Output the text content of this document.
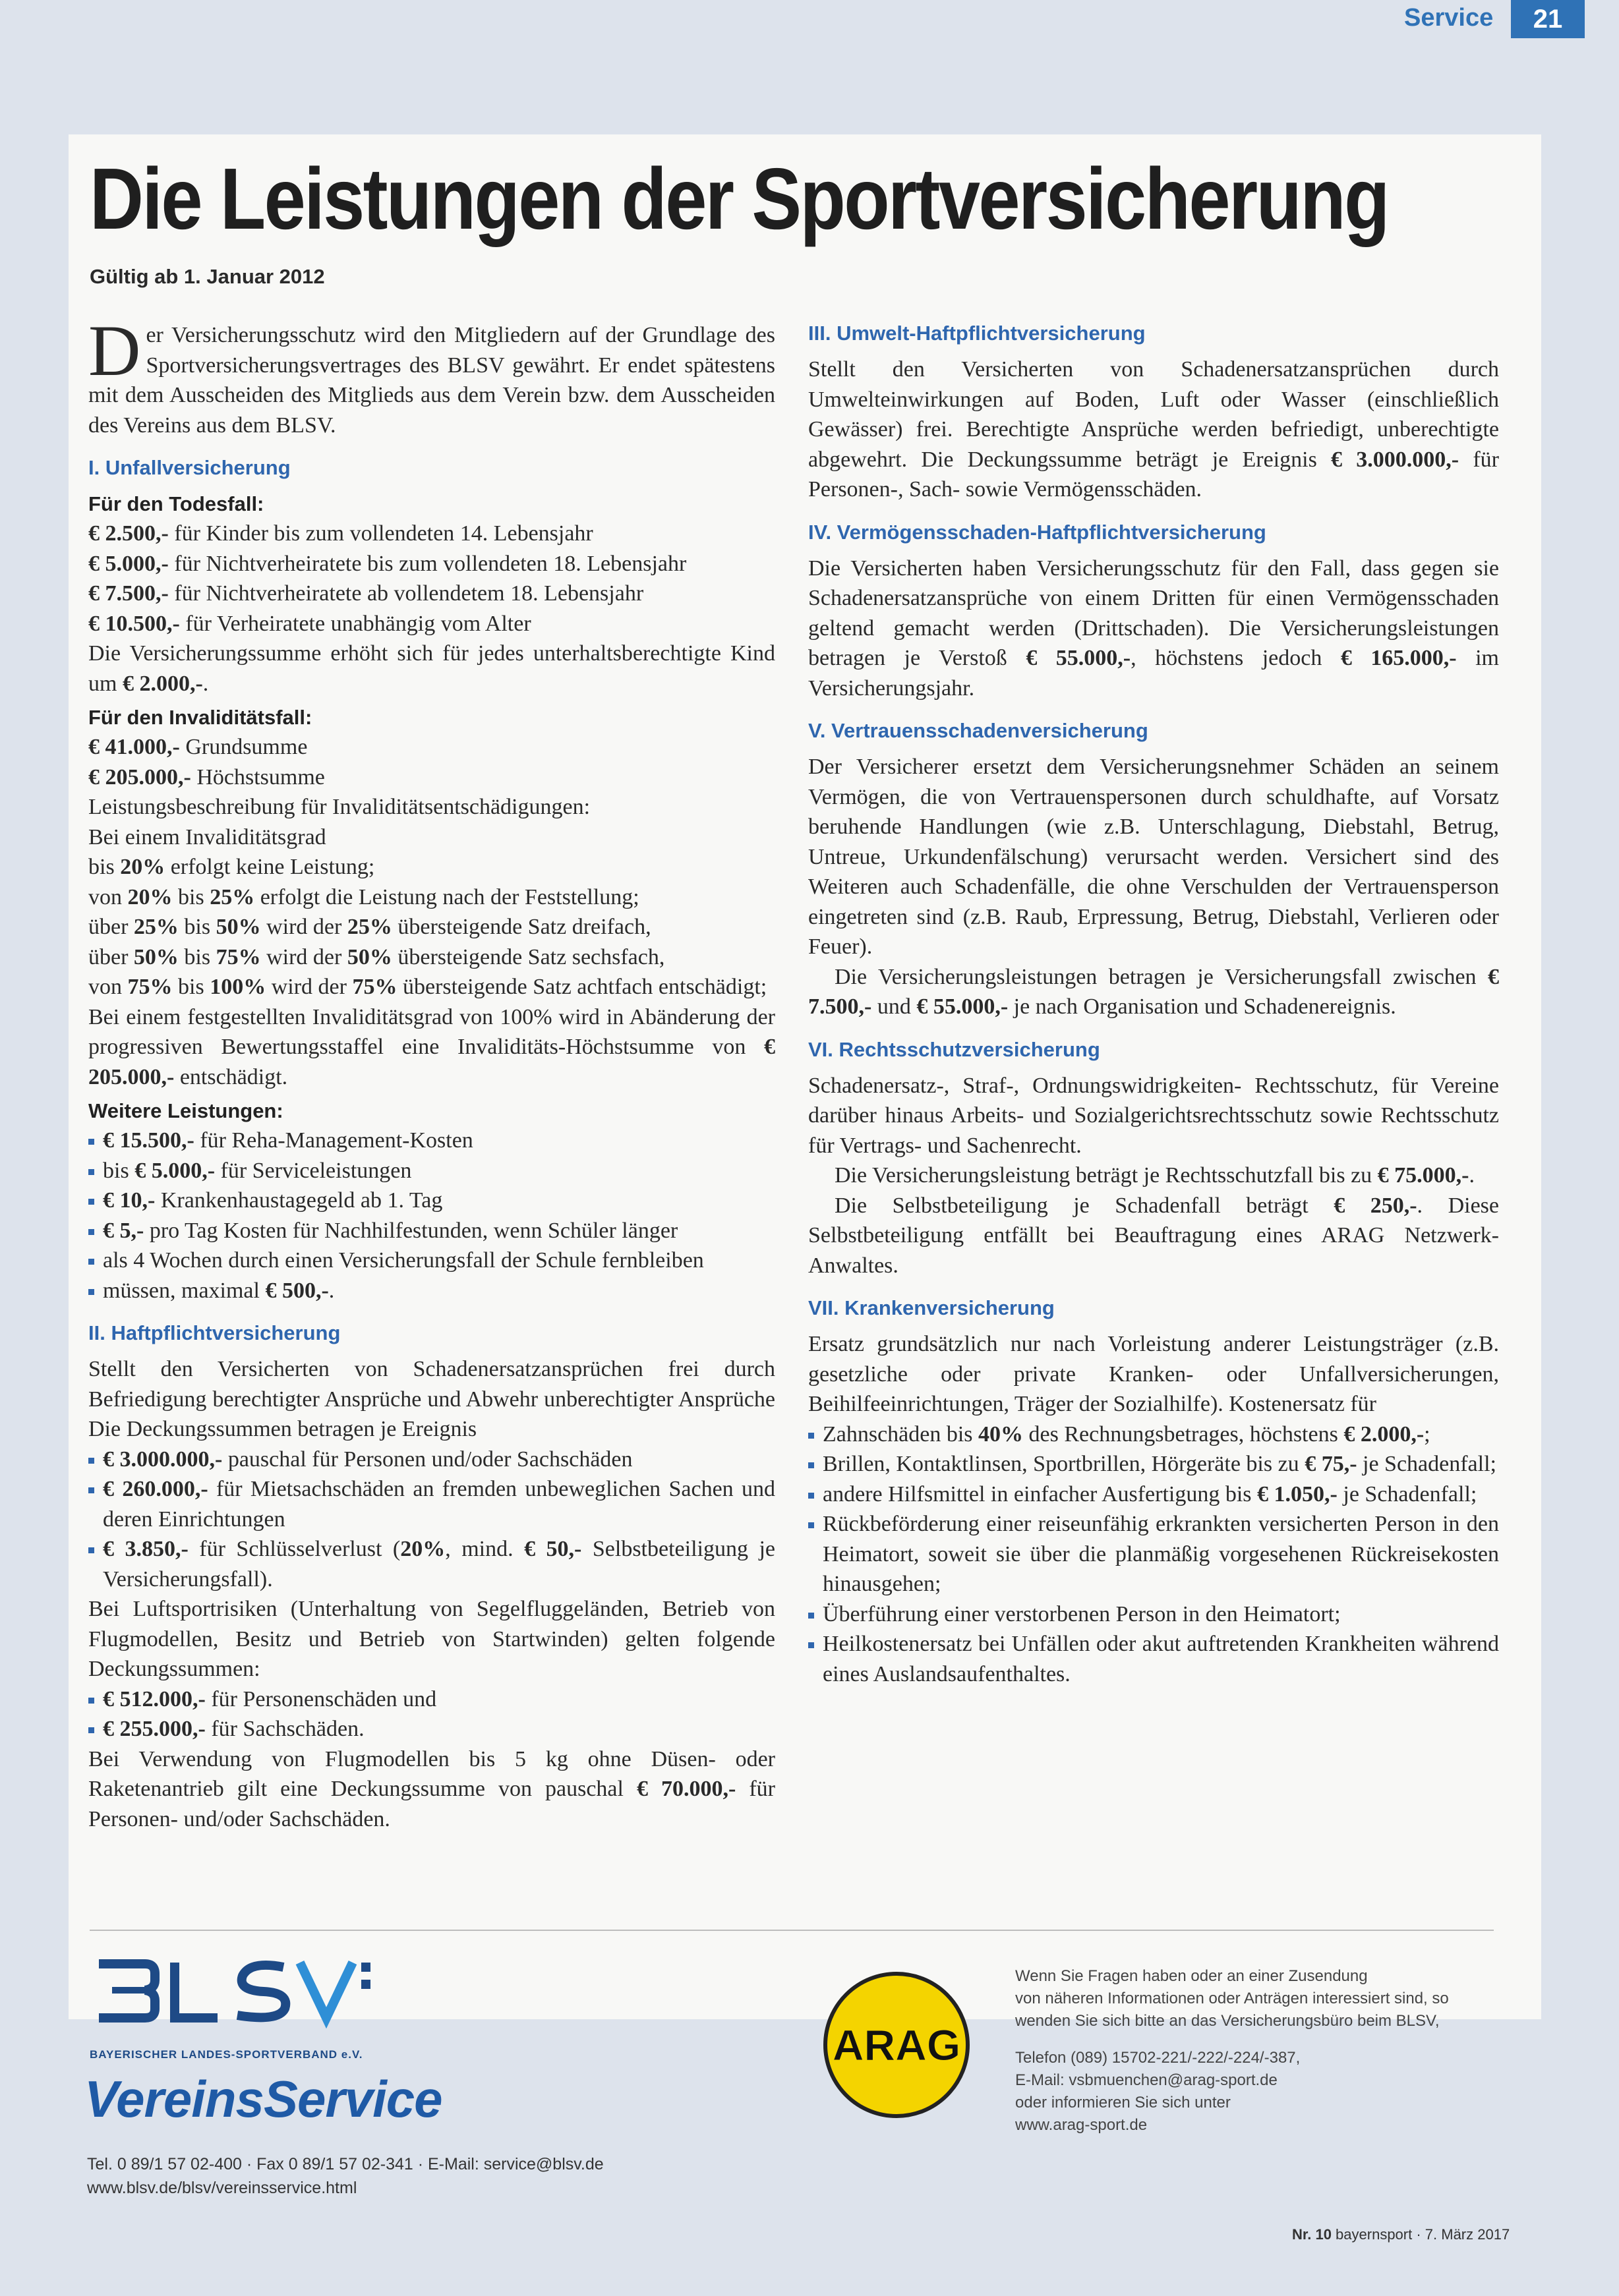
Service	21
Die Leistungen der Sportversicherung
Gültig ab 1. Januar 2012

Der Versicherungsschutz wird den Mitgliedern auf der Grundlage des Sportversicherungsvertrages des BLSV gewährt. Er endet spätestens mit dem Ausscheiden des Mitglieds aus dem Verein bzw. dem Ausscheiden des Vereins aus dem BLSV.

I. Unfallversicherung
Für den Todesfall:

€ 2.500,- für Kinder bis zum vollendeten 14. Lebensjahr

€ 5.000,- für Nichtverheiratete bis zum vollendeten 18. Lebensjahr

€ 7.500,- für Nichtverheiratete ab vollendetem 18. Lebensjahr

€ 10.500,- für Verheiratete unabhängig vom Alter

Die Versicherungssumme erhöht sich für jedes unterhaltsberechtigte Kind um € 2.000,-.

Für den Invaliditätsfall:

€ 41.000,- Grundsumme

€ 205.000,- Höchstsumme

Leistungsbeschreibung für Invaliditätsentschädigungen:

Bei einem Invaliditätsgrad

bis 20% erfolgt keine Leistung;

von 20% bis 25% erfolgt die Leistung nach der Feststellung;

über 25% bis 50% wird der 25% übersteigende Satz dreifach,

über 50% bis 75% wird der 50% übersteigende Satz sechsfach,

von 75% bis 100% wird der 75% übersteigende Satz achtfach entschädigt;

Bei einem festgestellten Invaliditätsgrad von 100% wird in Abänderung der progressiven Bewertungsstaffel eine Invaliditäts-Höchstsumme von € 205.000,- entschädigt.

Weitere Leistungen:

€ 15.500,- für Reha-Management-Kosten

bis € 5.000,- für Serviceleistungen

€ 10,- Krankenhaustagegeld ab 1. Tag

€ 5,- pro Tag Kosten für Nachhilfestunden, wenn Schüler länger

als 4 Wochen durch einen Versicherungsfall der Schule fernbleiben

müssen, maximal € 500,-.

II. Haftpflichtversicherung

Stellt den Versicherten von Schadenersatzansprüchen frei durch Befriedigung berechtigter Ansprüche und Abwehr unberechtigter Ansprüche Die Deckungssummen betragen je Ereignis

€ 3.000.000,- pauschal für Personen und/oder Sachschäden

€ 260.000,- für Mietsachschäden an fremden unbeweglichen Sachen und deren Einrichtungen

€ 3.850,- für Schlüsselverlust (20%, mind. € 50,- Selbstbeteiligung je Versicherungsfall).

Bei Luftsportrisiken (Unterhaltung von Segelfluggeländen, Betrieb von Flugmodellen, Besitz und Betrieb von Startwinden) gelten folgende Deckungssummen:

€ 512.000,- für Personenschäden und

€ 255.000,- für Sachschäden.

Bei Verwendung von Flugmodellen bis 5 kg ohne Düsen- oder Raketenantrieb gilt eine Deckungssumme von pauschal € 70.000,- für Personen- und/oder Sachschäden.

III. Umwelt-Haftpflichtversicherung

Stellt den Versicherten von Schadenersatzansprüchen durch Umwelteinwirkungen auf Boden, Luft oder Wasser (einschließlich Gewässer) frei. Berechtigte Ansprüche werden befriedigt, unberechtigte abgewehrt. Die Deckungssumme beträgt je Ereignis € 3.000.000,- für Personen-, Sach- sowie Vermögensschäden.

IV. Vermögensschaden-Haftpflichtversicherung

Die Versicherten haben Versicherungsschutz für den Fall, dass gegen sie Schadenersatzansprüche von einem Dritten für einen Vermögensschaden geltend gemacht werden (Drittschaden). Die Versicherungsleistungen betragen je Verstoß € 55.000,-, höchstens jedoch € 165.000,- im Versicherungsjahr.

V. Vertrauensschadenversicherung

Der Versicherer ersetzt dem Versicherungsnehmer Schäden an seinem Vermögen, die von Vertrauenspersonen durch schuldhafte, auf Vorsatz beruhende Handlungen (wie z.B. Unterschlagung, Diebstahl, Betrug, Untreue, Urkundenfälschung) verursacht werden. Versichert sind des Weiteren auch Schadenfälle, die ohne Verschulden der Vertrauensperson eingetreten sind (z.B. Raub, Erpressung, Betrug, Diebstahl, Verlieren oder Feuer).

Die Versicherungsleistungen betragen je Versicherungsfall zwischen € 7.500,- und € 55.000,- je nach Organisation und Schadenereignis.

VI. Rechtsschutzversicherung

Schadenersatz-, Straf-, Ordnungswidrigkeiten- Rechtsschutz, für Vereine darüber hinaus Arbeits- und Sozialgerichtsrechtsschutz sowie Rechtsschutz für Vertrags- und Sachenrecht.

Die Versicherungsleistung beträgt je Rechtsschutzfall bis zu € 75.000,-.

Die Selbstbeteiligung je Schadenfall beträgt € 250,-. Diese Selbstbeteiligung entfällt bei Beauftragung eines ARAG Netzwerk-Anwaltes.

VII. Krankenversicherung

Ersatz grundsätzlich nur nach Vorleistung anderer Leistungsträger (z.B. gesetzliche oder private Kranken- oder Unfallversicherungen, Beihilfeeinrichtungen, Träger der Sozialhilfe). Kostenersatz für

Zahnschäden bis 40% des Rechnungsbetrages, höchstens € 2.000,-;

Brillen, Kontaktlinsen, Sportbrillen, Hörgeräte bis zu € 75,- je Schadenfall;

andere Hilfsmittel in einfacher Ausfertigung bis € 1.050,- je Schadenfall;

Rückbeförderung einer reiseunfähig erkrankten versicherten Person in den Heimatort, soweit sie über die planmäßig vorgesehenen Rückreisekosten hinausgehen;

Überführung einer verstorbenen Person in den Heimatort;

Heilkostenersatz bei Unfällen oder akut auftretenden Krankheiten während eines Auslandsaufenthaltes.

BAYERISCHER LANDES-SPORTVERBAND e.V.
VereinsService
Tel. 0 89/1 57 02-400 · Fax 0 89/1 57 02-341 · E-Mail: service@blsv.de
www.blsv.de/blsv/vereinsservice.html
ARAG

Wenn Sie Fragen haben oder an einer Zusendung

von näheren Informationen oder Anträgen interessiert sind, so

wenden Sie sich bitte an das Versicherungsbüro beim BLSV,

Telefon (089) 15702-221/-222/-224/-387,

E-Mail: vsbmuenchen@arag-sport.de

oder informieren Sie sich unter

www.arag-sport.de

Nr. 10 bayernsport · 7. März 2017
